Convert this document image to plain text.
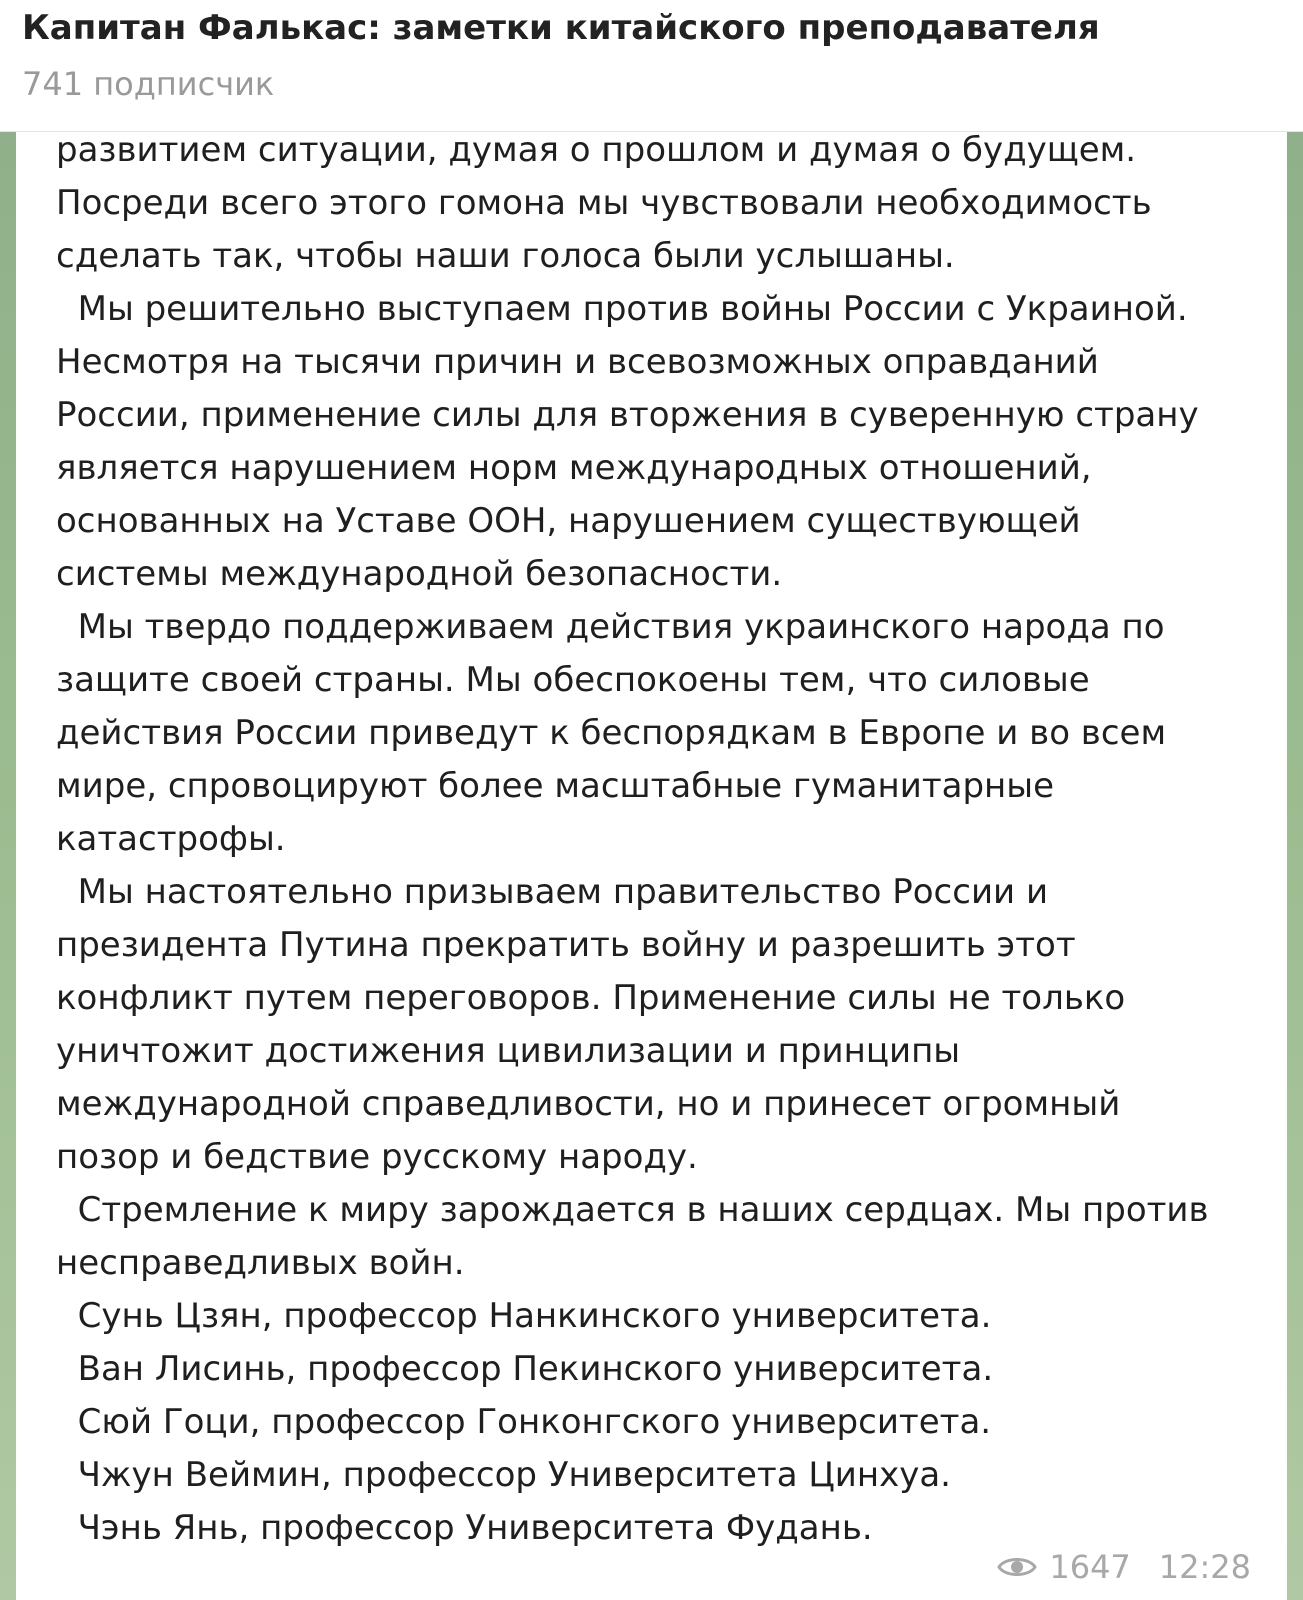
Капитан Фалькас: заметки китайского преподавателя
741 подписчик
развитием ситуации, думая о прошлом и думая о будущем.
Посреди всего этого гомона мы чувствовали необходимость
сделать так, чтобы наши голоса были услышаны.
Мы решительно выступаем против войны России с Украиной.
Несмотря на тысячи причин и всевозможных оправданий
России, применение силы для вторжения в суверенную страну
является нарушением норм международных отношений,
основанных на Уставе ООН, нарушением существующей
системы международной безопасности.
Мы твердо поддерживаем действия украинского народа по
защите своей страны. Мы обеспокоены тем, что силовые
действия России приведут к беспорядкам в Европе и во всем
мире, спровоцируют более масштабные гуманитарные
катастрофы.
Мы настоятельно призываем правительство России и
президента Путина прекратить войну и разрешить этот
конфликт путем переговоров. Применение силы не только
уничтожит достижения цивилизации и принципы
международной справедливости, но и принесет огромный
позор и бедствие русскому народу.
Стремление к миру зарождается в наших сердцах. Мы против
несправедливых войн.
Сунь Цзян, профессор Нанкинского университета.
Ван Лисинь, профессор Пекинского университета.
Сюй Гоци, профессор Гонконгского университета.
Чжун Веймин, профессор Университета Цинхуа.
Чэнь Янь, профессор Университета Фудань.
1647 12:28
